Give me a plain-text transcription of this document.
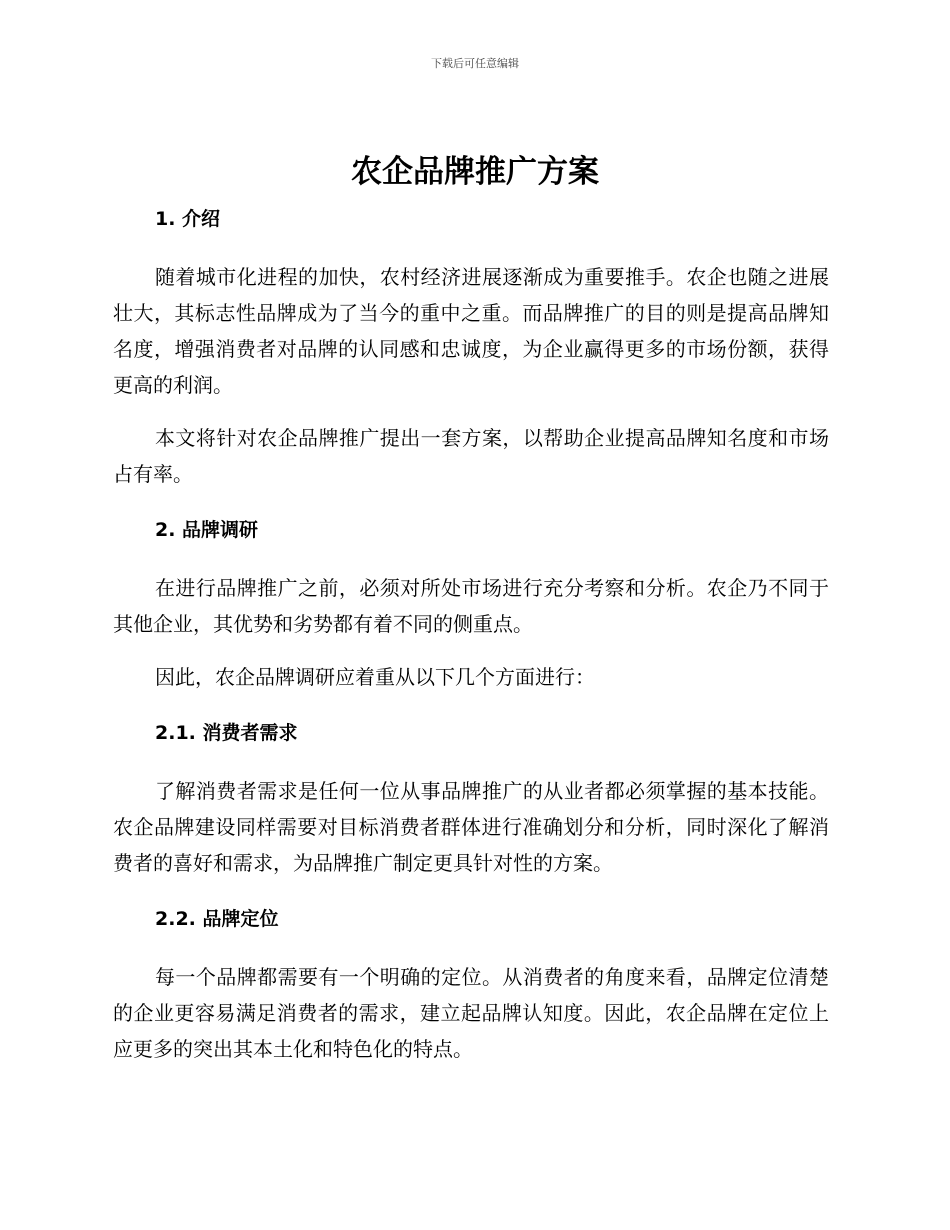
下载后可任意编辑
农企品牌推广方案
1. 介绍

随着城市化进程的加快，农村经济进展逐渐成为重要推手。农企也随之进展壮大，其标志性品牌成为了当今的重中之重。而品牌推广的目的则是提高品牌知名度，增强消费者对品牌的认同感和忠诚度，为企业赢得更多的市场份额，获得更高的利润。

本文将针对农企品牌推广提出一套方案，以帮助企业提高品牌知名度和市场占有率。

2. 品牌调研

在进行品牌推广之前，必须对所处市场进行充分考察和分析。农企乃不同于其他企业，其优势和劣势都有着不同的侧重点。

因此，农企品牌调研应着重从以下几个方面进行：

2.1. 消费者需求

了解消费者需求是任何一位从事品牌推广的从业者都必须掌握的基本技能。农企品牌建设同样需要对目标消费者群体进行准确划分和分析，同时深化了解消费者的喜好和需求，为品牌推广制定更具针对性的方案。

2.2. 品牌定位

每一个品牌都需要有一个明确的定位。从消费者的角度来看，品牌定位清楚的企业更容易满足消费者的需求，建立起品牌认知度。因此，农企品牌在定位上应更多的突出其本土化和特色化的特点。
